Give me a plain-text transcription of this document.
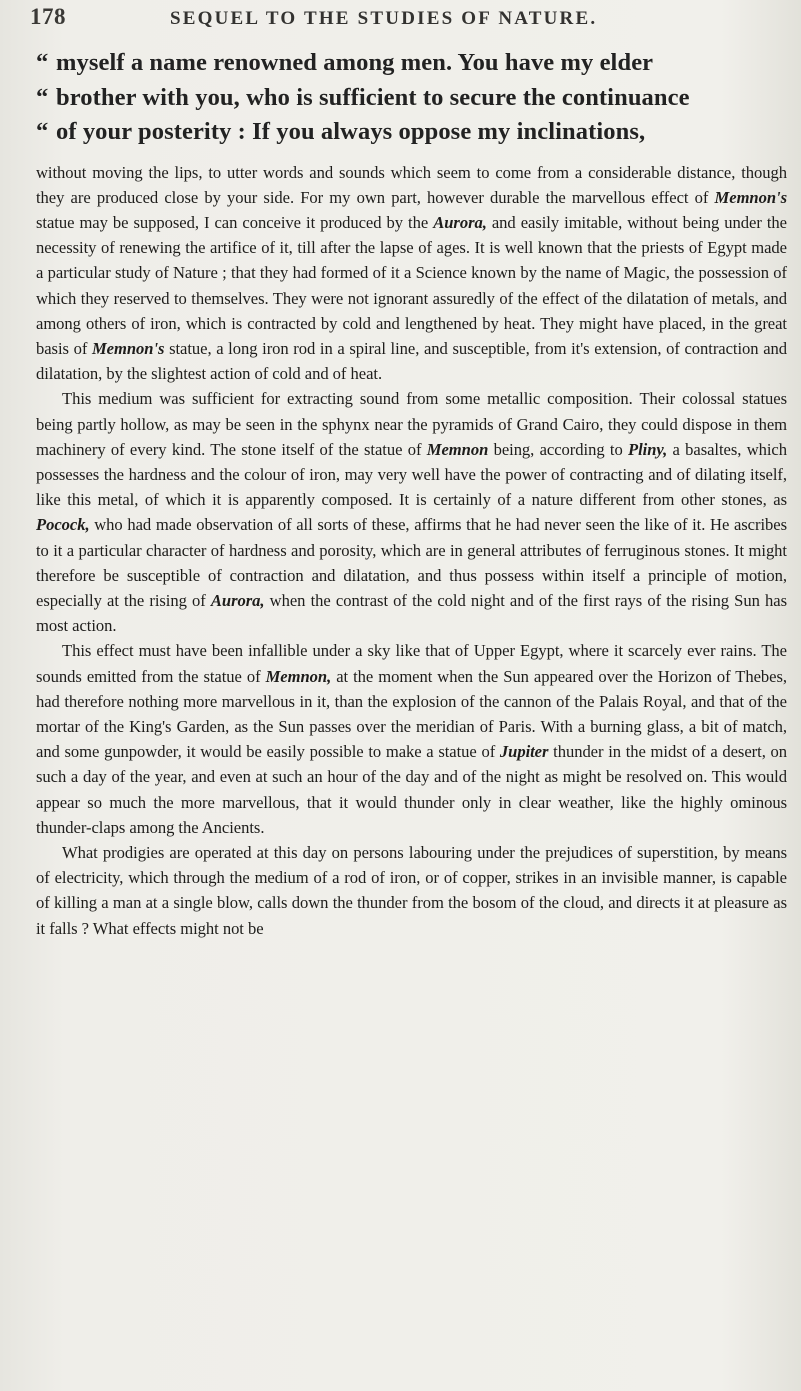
178	SEQUEL TO THE STUDIES OF NATURE.
“ myself a name renowned among men. You have my elder
“ brother with you, who is sufficient to secure the continuance
“ of your posterity : If you always oppose my inclinations,

without moving the lips, to utter words and sounds which seem to come from a considerable distance, though they are produced close by your side. For my own part, however durable the marvellous effect of Memnon's statue may be supposed, I can conceive it produced by the Aurora, and easily imitable, without being under the necessity of renewing the artifice of it, till after the lapse of ages. It is well known that the priests of Egypt made a particular study of Nature ; that they had formed of it a Science known by the name of Magic, the possession of which they reserved to themselves. They were not ignorant assuredly of the effect of the dilatation of metals, and among others of iron, which is contracted by cold and lengthened by heat. They might have placed, in the great basis of Memnon's statue, a long iron rod in a spiral line, and susceptible, from it's extension, of contraction and dilatation, by the slightest action of cold and of heat.

This medium was sufficient for extracting sound from some metallic composition. Their colossal statues being partly hollow, as may be seen in the sphynx near the pyramids of Grand Cairo, they could dispose in them machinery of every kind. The stone itself of the statue of Memnon being, according to Pliny, a basaltes, which possesses the hardness and the colour of iron, may very well have the power of contracting and of dilating itself, like this metal, of which it is apparently composed. It is certainly of a nature different from other stones, as Pocock, who had made observation of all sorts of these, affirms that he had never seen the like of it. He ascribes to it a particular character of hardness and porosity, which are in general attributes of ferruginous stones. It might therefore be susceptible of contraction and dilatation, and thus possess within itself a principle of motion, especially at the rising of Aurora, when the contrast of the cold night and of the first rays of the rising Sun has most action.

This effect must have been infallible under a sky like that of Upper Egypt, where it scarcely ever rains. The sounds emitted from the statue of Memnon, at the moment when the Sun appeared over the Horizon of Thebes, had therefore nothing more marvellous in it, than the explosion of the cannon of the Palais Royal, and that of the mortar of the King's Garden, as the Sun passes over the meridian of Paris. With a burning glass, a bit of match, and some gunpowder, it would be easily possible to make a statue of Jupiter thunder in the midst of a desert, on such a day of the year, and even at such an hour of the day and of the night as might be resolved on. This would appear so much the more marvellous, that it would thunder only in clear weather, like the highly ominous thunder-claps among the Ancients.

What prodigies are operated at this day on persons labouring under the prejudices of superstition, by means of electricity, which through the medium of a rod of iron, or of copper, strikes in an invisible manner, is capable of killing a man at a single blow, calls down the thunder from the bosom of the cloud, and directs it at pleasure as it falls ? What effects might not be
